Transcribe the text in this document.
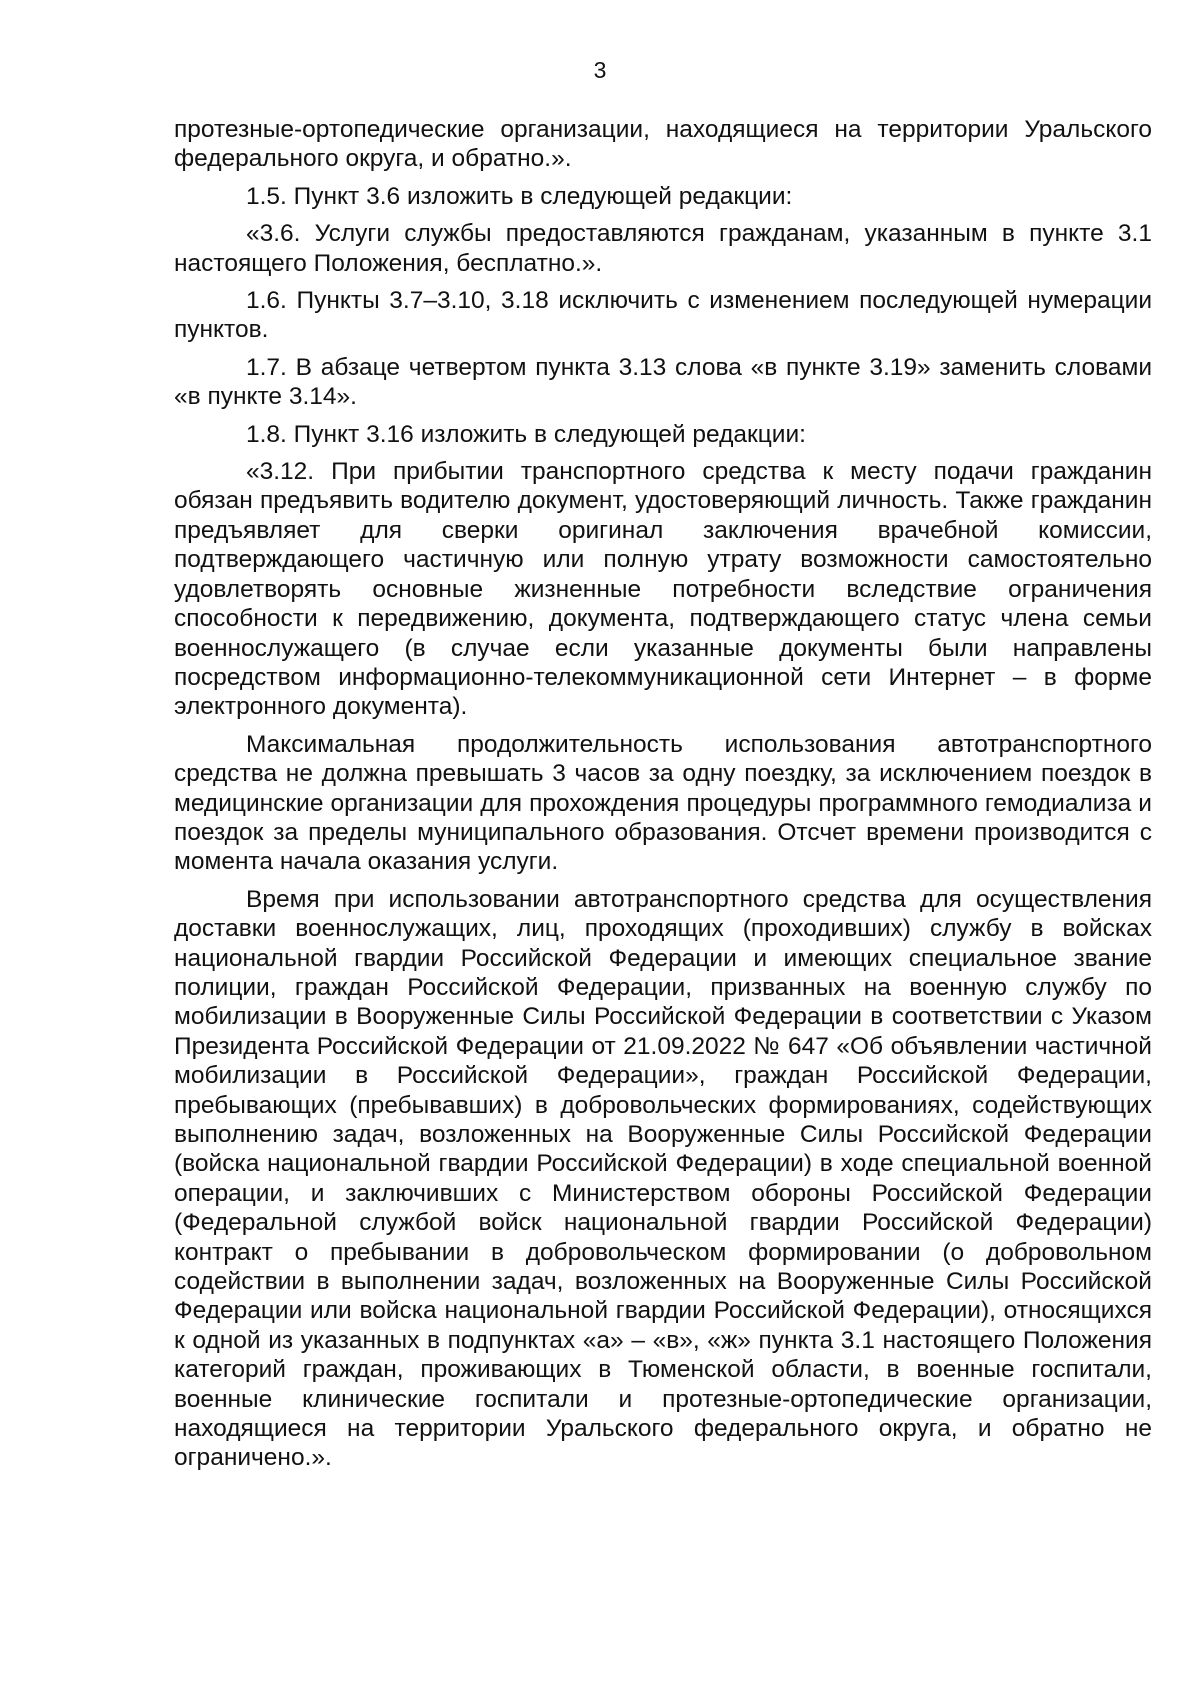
3

протезные-ортопедические организации, находящиеся на территории Уральского федерального округа, и обратно.».

1.5. Пункт 3.6 изложить в следующей редакции:

«3.6. Услуги службы предоставляются гражданам, указанным в пункте 3.1 настоящего Положения, бесплатно.».

1.6. Пункты 3.7–3.10, 3.18 исключить с изменением последующей нумерации пунктов.

1.7. В абзаце четвертом пункта 3.13 слова «в пункте 3.19» заменить словами «в пункте 3.14».

1.8. Пункт 3.16 изложить в следующей редакции:

«3.12. При прибытии транспортного средства к месту подачи гражданин обязан предъявить водителю документ, удостоверяющий личность. Также гражданин предъявляет для сверки оригинал заключения врачебной комиссии, подтверждающего частичную или полную утрату возможности самостоятельно удовлетворять основные жизненные потребности вследствие ограничения способности к передвижению, документа, подтверждающего статус члена семьи военнослужащего (в случае если указанные документы были направлены посредством информационно-телекоммуникационной сети Интернет – в форме электронного документа).

Максимальная продолжительность использования автотранспортного средства не должна превышать 3 часов за одну поездку, за исключением поездок в медицинские организации для прохождения процедуры программного гемодиализа и поездок за пределы муниципального образования. Отсчет времени производится с момента начала оказания услуги.

Время при использовании автотранспортного средства для осуществления доставки военнослужащих, лиц, проходящих (проходивших) службу в войсках национальной гвардии Российской Федерации и имеющих специальное звание полиции, граждан Российской Федерации, призванных на военную службу по мобилизации в Вооруженные Силы Российской Федерации в соответствии с Указом Президента Российской Федерации от 21.09.2022 № 647 «Об объявлении частичной мобилизации в Российской Федерации», граждан Российской Федерации, пребывающих (пребывавших) в добровольческих формированиях, содействующих выполнению задач, возложенных на Вооруженные Силы Российской Федерации (войска национальной гвардии Российской Федерации) в ходе специальной военной операции, и заключивших с Министерством обороны Российской Федерации (Федеральной службой войск национальной гвардии Российской Федерации) контракт о пребывании в добровольческом формировании (о добровольном содействии в выполнении задач, возложенных на Вооруженные Силы Российской Федерации или войска национальной гвардии Российской Федерации), относящихся к одной из указанных в подпунктах «а» – «в», «ж» пункта 3.1 настоящего Положения категорий граждан, проживающих в Тюменской области, в военные госпитали, военные клинические госпитали и протезные-ортопедические организации, находящиеся на территории Уральского федерального округа, и обратно не ограничено.».
